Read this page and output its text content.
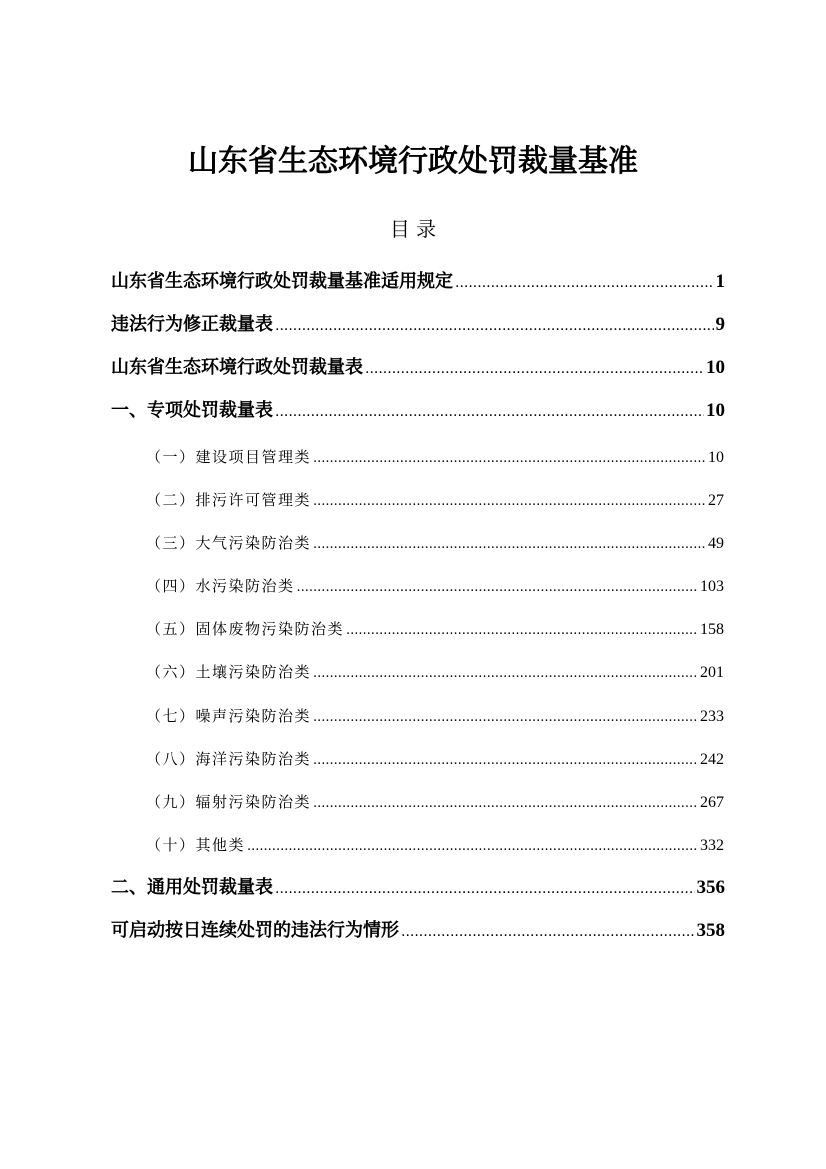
山东省生态环境行政处罚裁量基准
目 录
山东省生态环境行政处罚裁量基准适用规定 .....	1
违法行为修正裁量表 .....	9
山东省生态环境行政处罚裁量表 .....	10
一、专项处罚裁量表 .....	10
（一）建设项目管理类 .....	10
（二）排污许可管理类 .....	27
（三）大气污染防治类 .....	49
（四）水污染防治类 .....	103
（五）固体废物污染防治类 .....	158
（六）土壤污染防治类 .....	201
（七）噪声污染防治类 .....	233
（八）海洋污染防治类 .....	242
（九）辐射污染防治类 .....	267
（十）其他类 .....	332
二、通用处罚裁量表 .....	356
可启动按日连续处罚的违法行为情形 .....	358
